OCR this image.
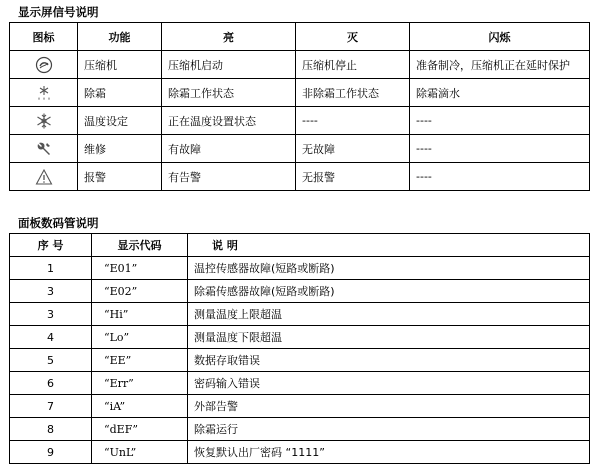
显示屏信号说明
图标	功能	亮	灭	闪烁
	压缩机	压缩机启动	压缩机停止	准备制冷，压缩机正在延时保护
	除霜	除霜工作状态	非除霜工作状态	除霜滴水
	温度设定	正在温度设置状态	----	----
	维修	有故障	无故障	----
	报警	有告警	无报警	----
面板数码管说明
序 号	显示代码	说 明
1	“E01”	温控传感器故障(短路或断路)
3	“E02”	除霜传感器故障(短路或断路)
3	“Hi”	测量温度上限超温
4	“Lo”	测量温度下限超温
5	“EE”	数据存取错误
6	“Err”	密码输入错误
7	“iA”	外部告警
8	“dEF”	除霜运行
9	“UnL”	恢复默认出厂密码 “1111”
